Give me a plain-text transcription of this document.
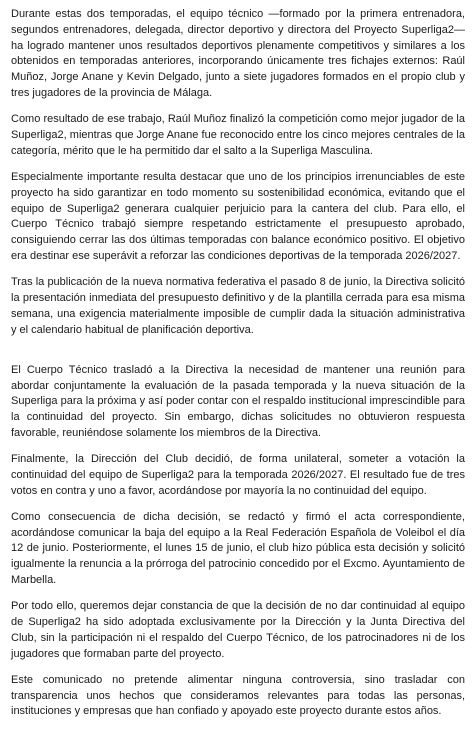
Durante estas dos temporadas, el equipo técnico —formado por la primera entrenadora, segundos entrenadores, delegada, director deportivo y directora del Proyecto Superliga2— ha logrado mantener unos resultados deportivos plenamente competitivos y similares a los obtenidos en temporadas anteriores, incorporando únicamente tres fichajes externos: Raúl Muñoz, Jorge Anane y Kevin Delgado, junto a siete jugadores formados en el propio club y tres jugadores de la provincia de Málaga.

Como resultado de ese trabajo, Raúl Muñoz finalizó la competición como mejor jugador de la Superliga2, mientras que Jorge Anane fue reconocido entre los cinco mejores centrales de la categoría, mérito que le ha permitido dar el salto a la Superliga Masculina.

Especialmente importante resulta destacar que uno de los principios irrenunciables de este proyecto ha sido garantizar en todo momento su sostenibilidad económica, evitando que el equipo de Superliga2 generara cualquier perjuicio para la cantera del club. Para ello, el Cuerpo Técnico trabajó siempre respetando estrictamente el presupuesto aprobado, consiguiendo cerrar las dos últimas temporadas con balance económico positivo. El objetivo era destinar ese superávit a reforzar las condiciones deportivas de la temporada 2026/2027.

Tras la publicación de la nueva normativa federativa el pasado 8 de junio, la Directiva solicitó la presentación inmediata del presupuesto definitivo y de la plantilla cerrada para esa misma semana, una exigencia materialmente imposible de cumplir dada la situación administrativa y el calendario habitual de planificación deportiva.

El Cuerpo Técnico trasladó a la Directiva la necesidad de mantener una reunión para abordar conjuntamente la evaluación de la pasada temporada y la nueva situación de la Superliga para la próxima y así poder contar con el respaldo institucional imprescindible para la continuidad del proyecto. Sin embargo, dichas solicitudes no obtuvieron respuesta favorable, reuniéndose solamente los miembros de la Directiva.

Finalmente, la Dirección del Club decidió, de forma unilateral, someter a votación la continuidad del equipo de Superliga2 para la temporada 2026/2027. El resultado fue de tres votos en contra y uno a favor, acordándose por mayoría la no continuidad del equipo.

Como consecuencia de dicha decisión, se redactó y firmó el acta correspondiente, acordándose comunicar la baja del equipo a la Real Federación Española de Voleibol el día 12 de junio. Posteriormente, el lunes 15 de junio, el club hizo pública esta decisión y solicitó igualmente la renuncia a la prórroga del patrocinio concedido por el Excmo. Ayuntamiento de Marbella.

Por todo ello, queremos dejar constancia de que la decisión de no dar continuidad al equipo de Superliga2 ha sido adoptada exclusivamente por la Dirección y la Junta Directiva del Club, sin la participación ni el respaldo del Cuerpo Técnico, de los patrocinadores ni de los jugadores que formaban parte del proyecto.

Este comunicado no pretende alimentar ninguna controversia, sino trasladar con transparencia unos hechos que consideramos relevantes para todas las personas, instituciones y empresas que han confiado y apoyado este proyecto durante estos años.
